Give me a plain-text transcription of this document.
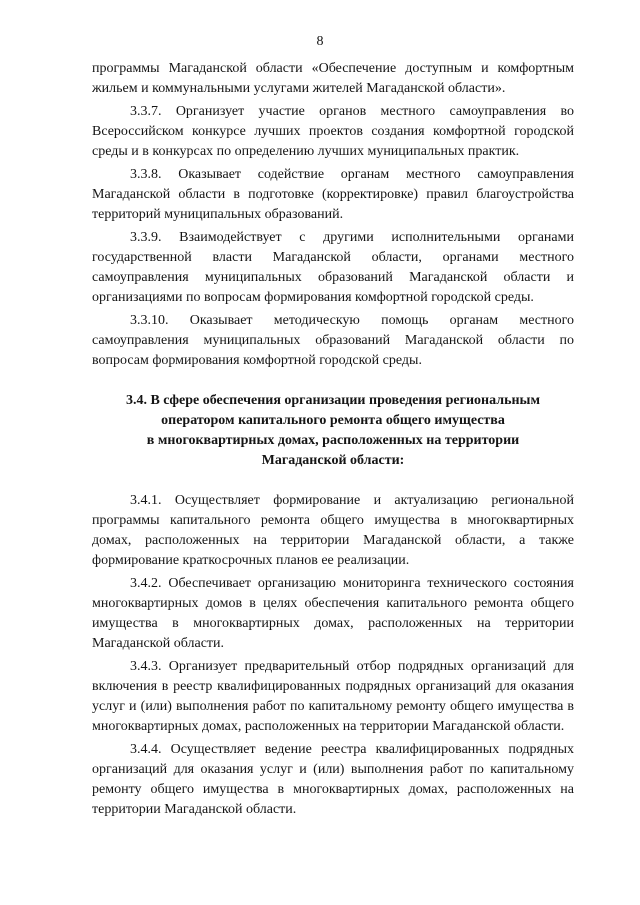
8

программы Магаданской области «Обеспечение доступным и комфортным жильем и коммунальными услугами жителей Магаданской области».

3.3.7. Организует участие органов местного самоуправления во Всероссийском конкурсе лучших проектов создания комфортной городской среды и в конкурсах по определению лучших муниципальных практик.

3.3.8. Оказывает содействие органам местного самоуправления Магаданской области в подготовке (корректировке) правил благоустройства территорий муниципальных образований.

3.3.9. Взаимодействует с другими исполнительными органами государственной власти Магаданской области, органами местного самоуправления муниципальных образований Магаданской области и организациями по вопросам формирования комфортной городской среды.

3.3.10. Оказывает методическую помощь органам местного самоуправления муниципальных образований Магаданской области по вопросам формирования комфортной городской среды.

3.4. В сфере обеспечения организации проведения региональным
оператором капитального ремонта общего имущества
в многоквартирных домах, расположенных на территории
Магаданской области:

3.4.1. Осуществляет формирование и актуализацию региональной программы капитального ремонта общего имущества в многоквартирных домах, расположенных на территории Магаданской области, а также формирование краткосрочных планов ее реализации.

3.4.2. Обеспечивает организацию мониторинга технического состояния многоквартирных домов в целях обеспечения капитального ремонта общего имущества в многоквартирных домах, расположенных на территории Магаданской области.

3.4.3. Организует предварительный отбор подрядных организаций для включения в реестр квалифицированных подрядных организаций для оказания услуг и (или) выполнения работ по капитальному ремонту общего имущества в многоквартирных домах, расположенных на территории Магаданской области.

3.4.4. Осуществляет ведение реестра квалифицированных подрядных организаций для оказания услуг и (или) выполнения работ по капитальному ремонту общего имущества в многоквартирных домах, расположенных на территории Магаданской области.
